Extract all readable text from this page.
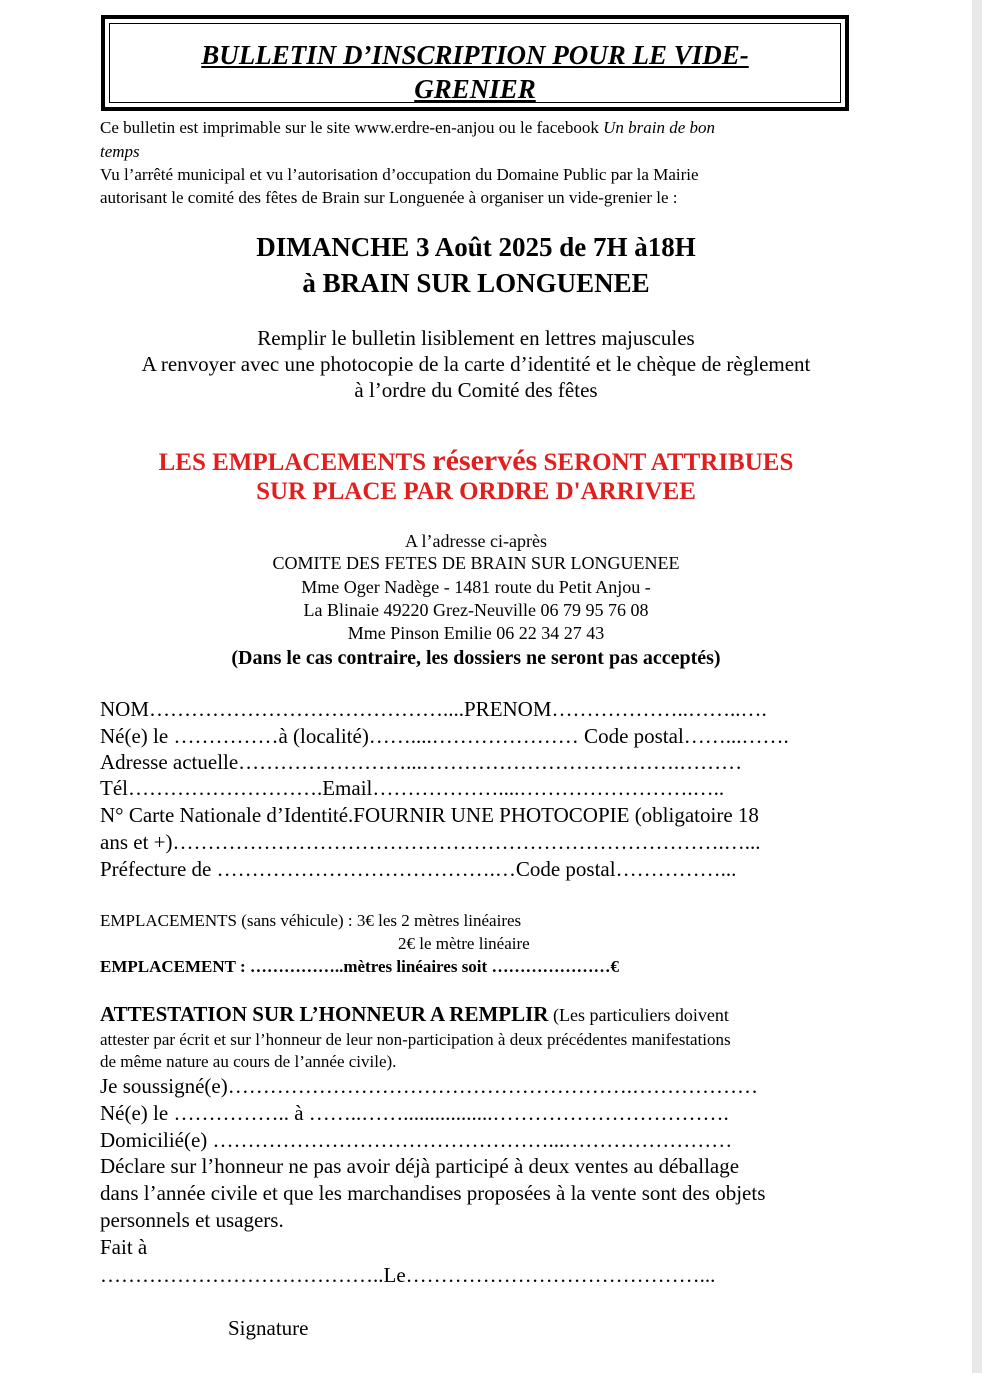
BULLETIN D’INSCRIPTION POUR LE VIDE-
GRENIER
Ce bulletin est imprimable sur le site www.erdre-en-anjou ou le facebook Un brain de bon
temps
Vu l’arrêté municipal et vu l’autorisation d’occupation du Domaine Public par la Mairie
autorisant le comité des fêtes de Brain sur Longuenée à organiser un vide-grenier le :
DIMANCHE 3 Août 2025 de 7H à18H
à BRAIN SUR LONGUENEE
Remplir le bulletin lisiblement en lettres majuscules
A renvoyer avec une photocopie de la carte d’identité et le chèque de règlement
à l’ordre du Comité des fêtes
LES EMPLACEMENTS réservés SERONT ATTRIBUES
SUR PLACE PAR ORDRE D'ARRIVEE
A l’adresse ci-après
COMITE DES FETES DE BRAIN SUR LONGUENEE
Mme Oger Nadège - 1481 route du Petit Anjou -
La Blinaie 49220 Grez-Neuville 06 79 95 76 08
Mme Pinson Emilie 06 22 34 27 43
(Dans le cas contraire, les dossiers ne seront pas acceptés)
NOM……………………………………....PRENOM………………..……..….
Né(e) le ……………à (localité)……....………………… Code postal……...…….
Adresse actuelle……………………...……………………………….………
Tél……………………….Email………………....…………………….…..
N° Carte Nationale d’Identité.FOURNIR UNE PHOTOCOPIE (obligatoire 18
ans et +)…………………………………………………………………….…...
Préfecture de ………………………………….…Code postal……………...
EMPLACEMENTS (sans véhicule) : 3€ les 2 mètres linéaires
2€ le mètre linéaire
EMPLACEMENT : ……………..mètres linéaires soit …………………€
ATTESTATION SUR L’HONNEUR A REMPLIR (Les particuliers doivent
attester par écrit et sur l’honneur de leur non-participation à deux précédentes manifestations
de même nature au cours de l’année civile).
Je soussigné(e)………………………………………………….………………
Né(e) le …………….. à ……..…….................…………………………….
Domicilié(e) …………………………………………...……………………
Déclare sur l’honneur ne pas avoir déjà participé à deux ventes au déballage
dans l’année civile et que les marchandises proposées à la vente sont des objets
personnels et usagers.
Fait à
…………………………………..Le……………………………………...
Signature
